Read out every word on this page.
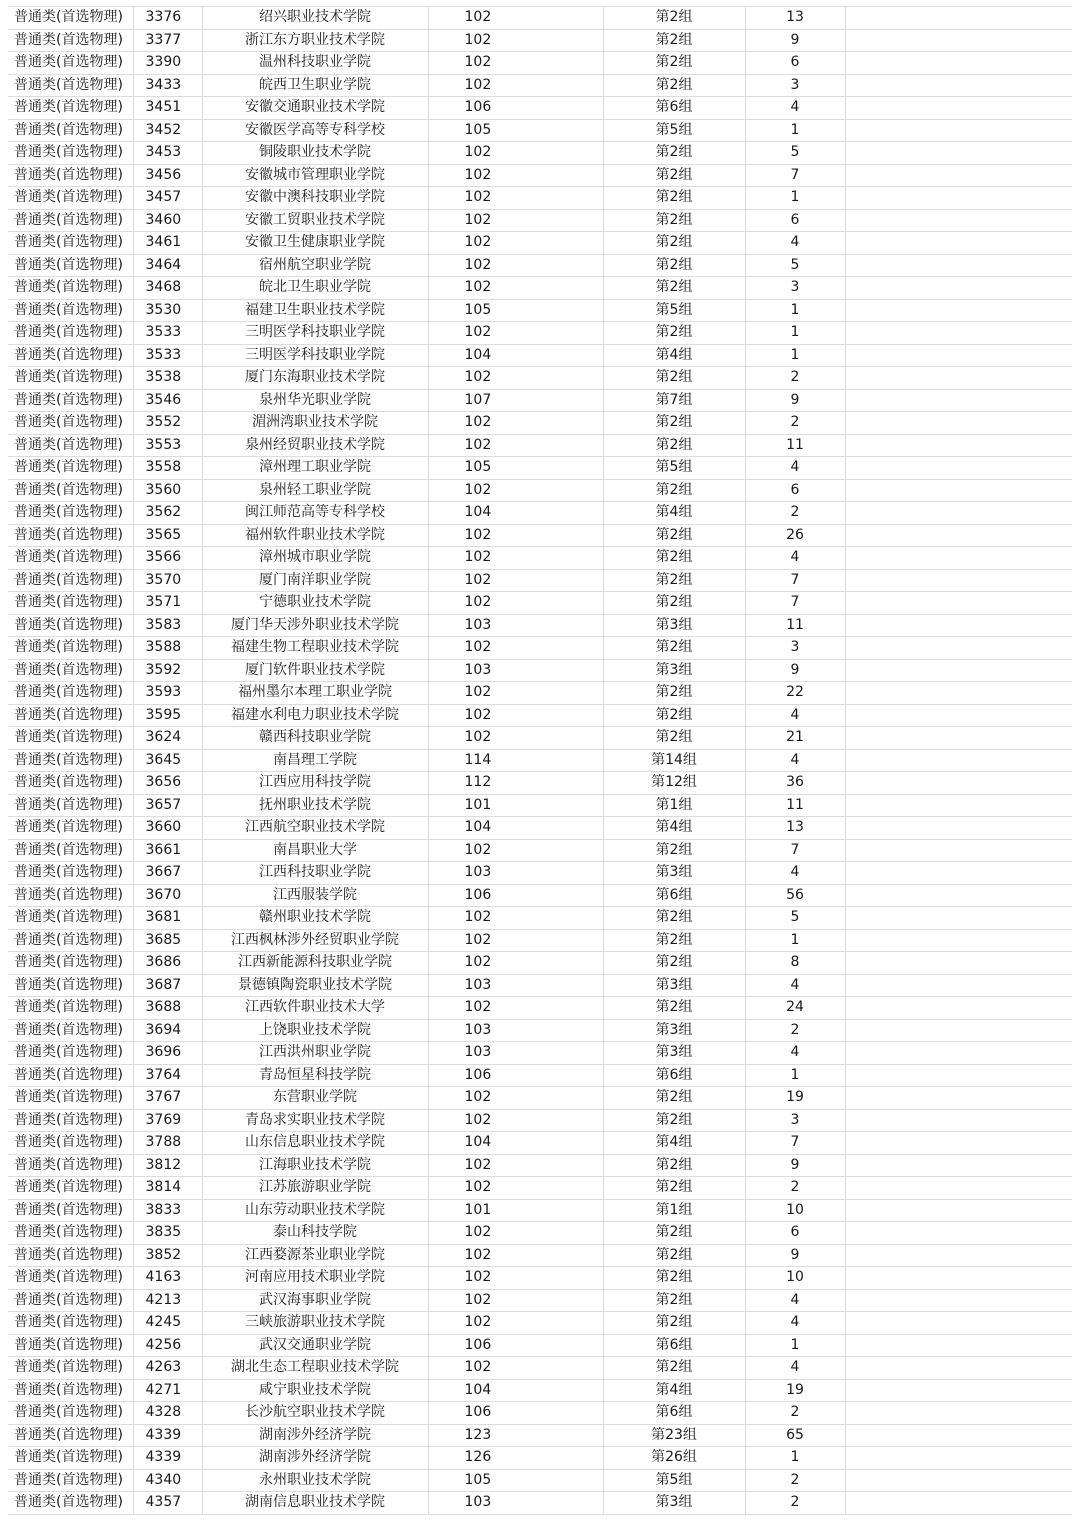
普通类(首选物理)	3376	绍兴职业技术学院	102	第2组	13	
普通类(首选物理)	3377	浙江东方职业技术学院	102	第2组	9	
普通类(首选物理)	3390	温州科技职业学院	102	第2组	6	
普通类(首选物理)	3433	皖西卫生职业学院	102	第2组	3	
普通类(首选物理)	3451	安徽交通职业技术学院	106	第6组	4	
普通类(首选物理)	3452	安徽医学高等专科学校	105	第5组	1	
普通类(首选物理)	3453	铜陵职业技术学院	102	第2组	5	
普通类(首选物理)	3456	安徽城市管理职业学院	102	第2组	7	
普通类(首选物理)	3457	安徽中澳科技职业学院	102	第2组	1	
普通类(首选物理)	3460	安徽工贸职业技术学院	102	第2组	6	
普通类(首选物理)	3461	安徽卫生健康职业学院	102	第2组	4	
普通类(首选物理)	3464	宿州航空职业学院	102	第2组	5	
普通类(首选物理)	3468	皖北卫生职业学院	102	第2组	3	
普通类(首选物理)	3530	福建卫生职业技术学院	105	第5组	1	
普通类(首选物理)	3533	三明医学科技职业学院	102	第2组	1	
普通类(首选物理)	3533	三明医学科技职业学院	104	第4组	1	
普通类(首选物理)	3538	厦门东海职业技术学院	102	第2组	2	
普通类(首选物理)	3546	泉州华光职业学院	107	第7组	9	
普通类(首选物理)	3552	湄洲湾职业技术学院	102	第2组	2	
普通类(首选物理)	3553	泉州经贸职业技术学院	102	第2组	11	
普通类(首选物理)	3558	漳州理工职业学院	105	第5组	4	
普通类(首选物理)	3560	泉州轻工职业学院	102	第2组	6	
普通类(首选物理)	3562	闽江师范高等专科学校	104	第4组	2	
普通类(首选物理)	3565	福州软件职业技术学院	102	第2组	26	
普通类(首选物理)	3566	漳州城市职业学院	102	第2组	4	
普通类(首选物理)	3570	厦门南洋职业学院	102	第2组	7	
普通类(首选物理)	3571	宁德职业技术学院	102	第2组	7	
普通类(首选物理)	3583	厦门华天涉外职业技术学院	103	第3组	11	
普通类(首选物理)	3588	福建生物工程职业技术学院	102	第2组	3	
普通类(首选物理)	3592	厦门软件职业技术学院	103	第3组	9	
普通类(首选物理)	3593	福州墨尔本理工职业学院	102	第2组	22	
普通类(首选物理)	3595	福建水利电力职业技术学院	102	第2组	4	
普通类(首选物理)	3624	赣西科技职业学院	102	第2组	21	
普通类(首选物理)	3645	南昌理工学院	114	第14组	4	
普通类(首选物理)	3656	江西应用科技学院	112	第12组	36	
普通类(首选物理)	3657	抚州职业技术学院	101	第1组	11	
普通类(首选物理)	3660	江西航空职业技术学院	104	第4组	13	
普通类(首选物理)	3661	南昌职业大学	102	第2组	7	
普通类(首选物理)	3667	江西科技职业学院	103	第3组	4	
普通类(首选物理)	3670	江西服装学院	106	第6组	56	
普通类(首选物理)	3681	赣州职业技术学院	102	第2组	5	
普通类(首选物理)	3685	江西枫林涉外经贸职业学院	102	第2组	1	
普通类(首选物理)	3686	江西新能源科技职业学院	102	第2组	8	
普通类(首选物理)	3687	景德镇陶瓷职业技术学院	103	第3组	4	
普通类(首选物理)	3688	江西软件职业技术大学	102	第2组	24	
普通类(首选物理)	3694	上饶职业技术学院	103	第3组	2	
普通类(首选物理)	3696	江西洪州职业学院	103	第3组	4	
普通类(首选物理)	3764	青岛恒星科技学院	106	第6组	1	
普通类(首选物理)	3767	东营职业学院	102	第2组	19	
普通类(首选物理)	3769	青岛求实职业技术学院	102	第2组	3	
普通类(首选物理)	3788	山东信息职业技术学院	104	第4组	7	
普通类(首选物理)	3812	江海职业技术学院	102	第2组	9	
普通类(首选物理)	3814	江苏旅游职业学院	102	第2组	2	
普通类(首选物理)	3833	山东劳动职业技术学院	101	第1组	10	
普通类(首选物理)	3835	泰山科技学院	102	第2组	6	
普通类(首选物理)	3852	江西婺源茶业职业学院	102	第2组	9	
普通类(首选物理)	4163	河南应用技术职业学院	102	第2组	10	
普通类(首选物理)	4213	武汉海事职业学院	102	第2组	4	
普通类(首选物理)	4245	三峡旅游职业技术学院	102	第2组	4	
普通类(首选物理)	4256	武汉交通职业学院	106	第6组	1	
普通类(首选物理)	4263	湖北生态工程职业技术学院	102	第2组	4	
普通类(首选物理)	4271	咸宁职业技术学院	104	第4组	19	
普通类(首选物理)	4328	长沙航空职业技术学院	106	第6组	2	
普通类(首选物理)	4339	湖南涉外经济学院	123	第23组	65	
普通类(首选物理)	4339	湖南涉外经济学院	126	第26组	1	
普通类(首选物理)	4340	永州职业技术学院	105	第5组	2	
普通类(首选物理)	4357	湖南信息职业技术学院	103	第3组	2	
